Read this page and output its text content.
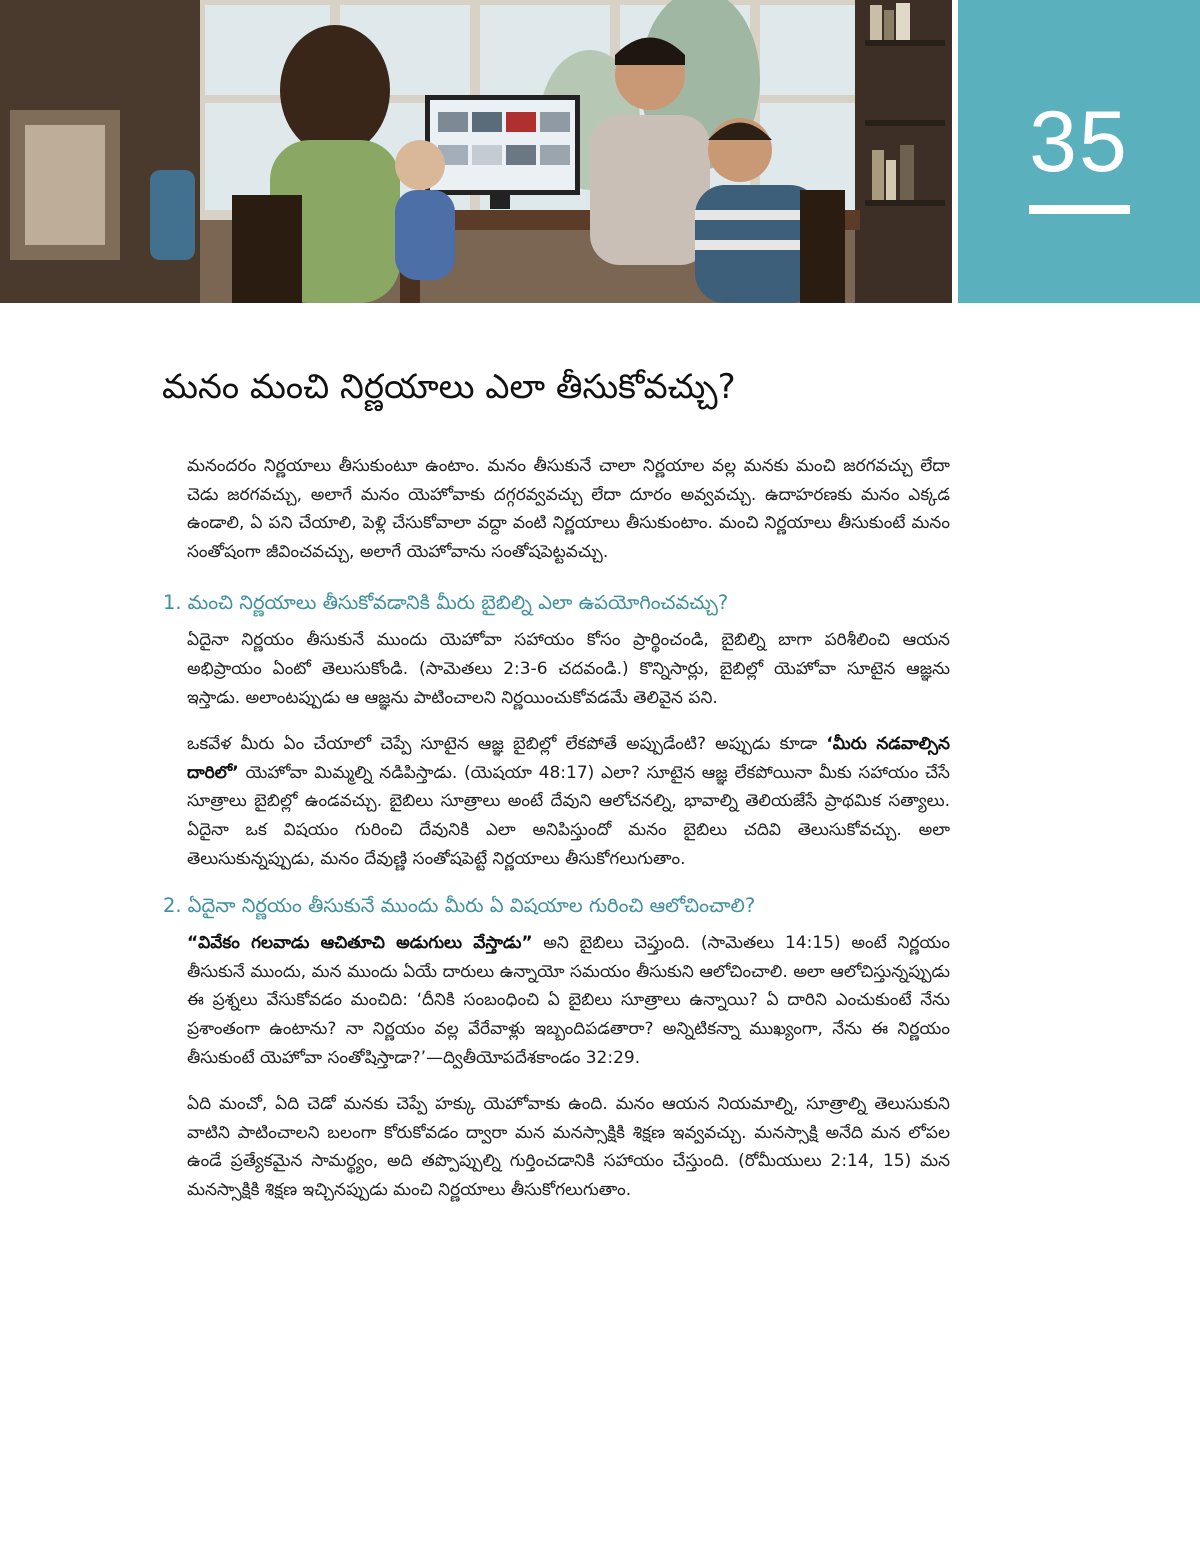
35
మనం మంచి నిర్ణయాలు ఎలా తీసుకోవచ్చు?

మనందరం నిర్ణయాలు తీసుకుంటూ ఉంటాం. మనం తీసుకునే చాలా నిర్ణయాల వల్ల మనకు మంచి జరగవచ్చు లేదా చెడు జరగవచ్చు, అలాగే మనం యెహోవాకు దగ్గరవ్వవచ్చు లేదా దూరం అవ్వవచ్చు. ఉదాహరణకు మనం ఎక్కడ ఉండాలి, ఏ పని చేయాలి, పెళ్లి చేసుకోవాలా వద్దా వంటి నిర్ణయాలు తీసుకుంటాం. మంచి నిర్ణయాలు తీసుకుంటే మనం సంతోషంగా జీవించవచ్చు, అలాగే యెహోవాను సంతోషపెట్టవచ్చు.

1. మంచి నిర్ణయాలు తీసుకోవడానికి మీరు బైబిల్ని ఎలా ఉపయోగించవచ్చు?

ఏదైనా నిర్ణయం తీసుకునే ముందు యెహోవా సహాయం కోసం ప్రార్థించండి, బైబిల్ని బాగా పరిశీలించి ఆయన అభిప్రాయం ఏంటో తెలుసుకోండి. (సామెతలు 2:3-6 చదవండి.) కొన్నిసార్లు, బైబిల్లో యెహోవా సూటైన ఆజ్ఞను ఇస్తాడు. అలాంటప్పుడు ఆ ఆజ్ఞను పాటించాలని నిర్ణయించుకోవడమే తెలివైన పని.

ఒకవేళ మీరు ఏం చేయాలో చెప్పే సూటైన ఆజ్ఞ బైబిల్లో లేకపోతే అప్పుడేంటి? అప్పుడు కూడా ‘మీరు నడవాల్సిన దారిలో’ యెహోవా మిమ్మల్ని నడిపిస్తాడు. (యెషయా 48:17) ఎలా? సూటైన ఆజ్ఞ లేకపోయినా మీకు సహాయం చేసే సూత్రాలు బైబిల్లో ఉండవచ్చు. బైబిలు సూత్రాలు అంటే దేవుని ఆలోచనల్ని, భావాల్ని తెలియజేసే ప్రాథమిక సత్యాలు. ఏదైనా ఒక విషయం గురించి దేవునికి ఎలా అనిపిస్తుందో మనం బైబిలు చదివి తెలుసుకోవచ్చు. అలా తెలుసుకున్నప్పుడు, మనం దేవుణ్ణి సంతోషపెట్టే నిర్ణయాలు తీసుకోగలుగుతాం.

2. ఏదైనా నిర్ణయం తీసుకునే ముందు మీరు ఏ విషయాల గురించి ఆలోచించాలి?

“వివేకం గలవాడు ఆచితూచి అడుగులు వేస్తాడు” అని బైబిలు చెప్తుంది. (సామెతలు 14:15) అంటే నిర్ణయం తీసుకునే ముందు, మన ముందు ఏయే దారులు ఉన్నాయో సమయం తీసుకుని ఆలోచించాలి. అలా ఆలోచిస్తున్నప్పుడు ఈ ప్రశ్నలు వేసుకోవడం మంచిది: ‘దీనికి సంబంధించి ఏ బైబిలు సూత్రాలు ఉన్నాయి? ఏ దారిని ఎంచుకుంటే నేను ప్రశాంతంగా ఉంటాను? నా నిర్ణయం వల్ల వేరేవాళ్లు ఇబ్బందిపడతారా? అన్నిటికన్నా ముఖ్యంగా, నేను ఈ నిర్ణయం తీసుకుంటే యెహోవా సంతోషిస్తాడా?’—ద్వితీయోపదేశకాండం 32:29.

ఏది మంచో, ఏది చెడో మనకు చెప్పే హక్కు యెహోవాకు ఉంది. మనం ఆయన నియమాల్ని, సూత్రాల్ని తెలుసుకుని వాటిని పాటించాలని బలంగా కోరుకోవడం ద్వారా మన మనస్సాక్షికి శిక్షణ ఇవ్వవచ్చు. మనస్సాక్షి అనేది మన లోపల ఉండే ప్రత్యేకమైన సామర్థ్యం, అది తప్పొప్పుల్ని గుర్తించడానికి సహాయం చేస్తుంది. (రోమీయులు 2:14, 15) మన మనస్సాక్షికి శిక్షణ ఇచ్చినప్పుడు మంచి నిర్ణయాలు తీసుకోగలుగుతాం.
